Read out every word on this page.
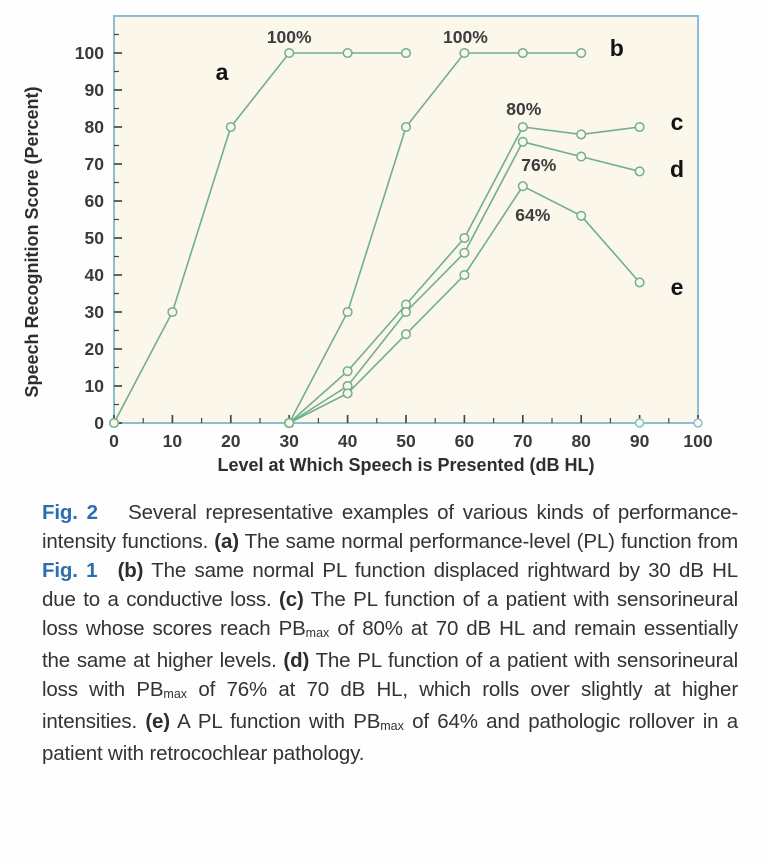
0
10
20
30
40
50
60
70
80
90
100
0	10 20 30 40 50 60 70 80 90 100
Level at Which Speech is Presented (dB HL)
Speech Recognition Score (Percent)
a
b
c
d
e
100%	100%
80%
76%
64%

Fig. 2    Several representative examples of various kinds of performance-intensity functions. (a) The same normal performance-level (PL) function from Fig. 1   (b) The same normal PL function displaced rightward by 30 dB HL due to a conductive loss. (c) The PL function of a patient with sensorineural loss whose scores reach PBmax of 80% at 70 dB HL and remain essentially the same at higher levels. (d) The PL function of a patient with sensorineural loss with PBmax of 76% at 70 dB HL, which rolls over slightly at higher intensities. (e) A PL function with PBmax of 64% and pathologic rollover in a patient with retrocochlear pathology.
